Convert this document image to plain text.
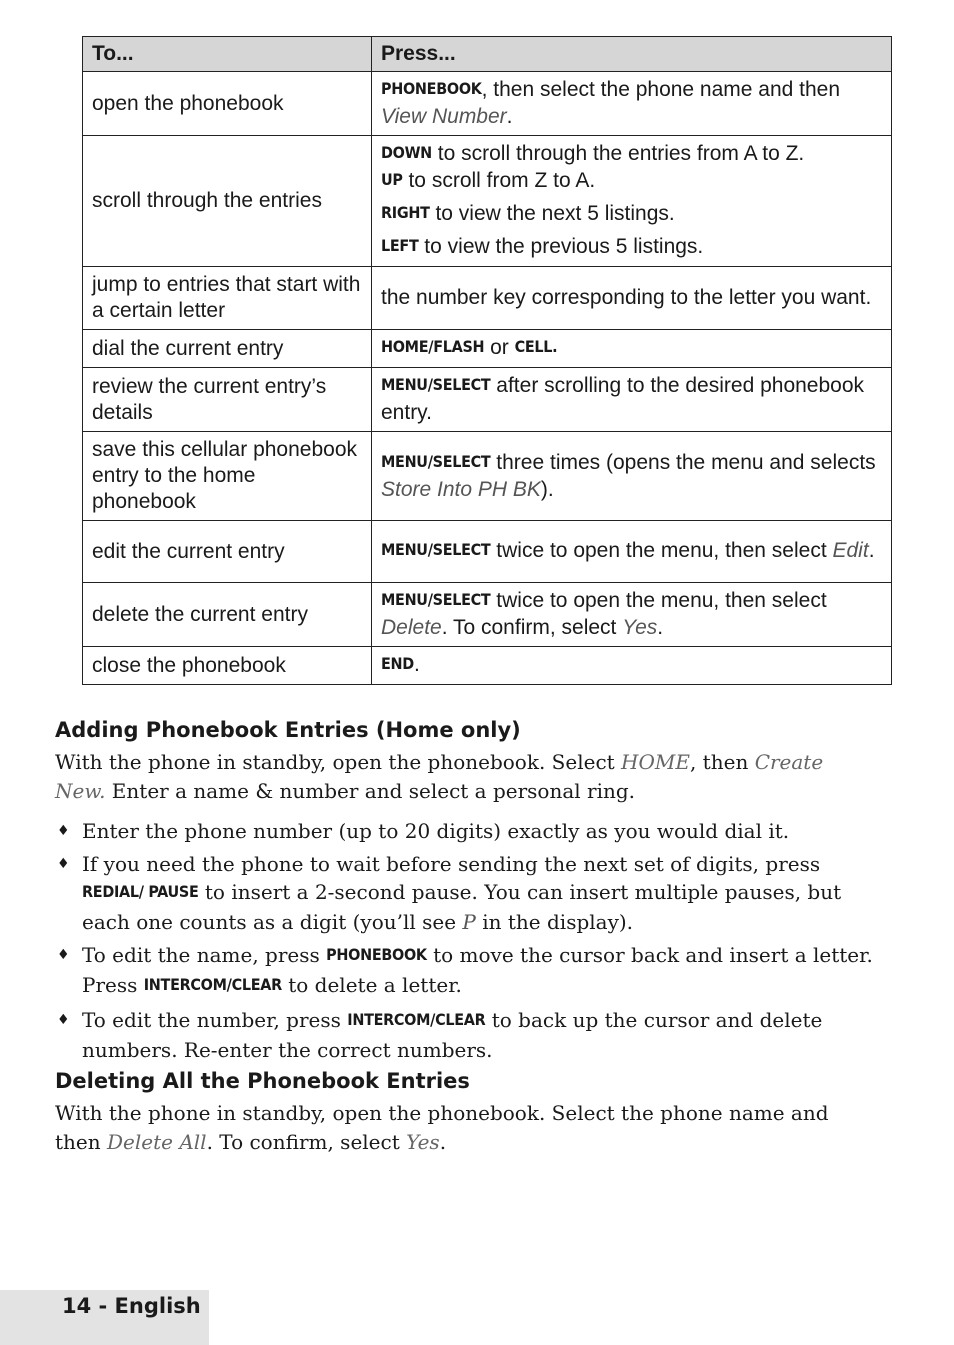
To...	Press...
open the phonebook	PHONEBOOK, then select the phone name and then View Number.
scroll through the entries	DOWN to scroll through the entries from A to Z.
UP to scroll from Z to A.
RIGHT to view the next 5 listings.
LEFT to view the previous 5 listings.

jump to entries that start with a certain letter	the number key corresponding to the letter you want.
dial the current entry	HOME/FLASH or CELL.
review the current entry’s details	MENU/SELECT after scrolling to the desired phonebook entry.
save this cellular phonebook entry to the home phonebook	MENU/SELECT three times (opens the menu and selects Store Into PH BK).
edit the current entry	MENU/SELECT twice to open the menu, then select Edit.
delete the current entry	MENU/SELECT twice to open the menu, then select Delete. To confirm, select Yes.
close the phonebook	END.
Adding Phonebook Entries (Home only)

With the phone in standby, open the phonebook. Select HOME, then Create New. Enter a name & number and select a personal ring.

♦ Enter the phone number (up to 20 digits) exactly as you would dial it.
♦ If you need the phone to wait before sending the next set of digits, press REDIAL/ PAUSE to insert a 2-second pause. You can insert multiple pauses, but each one counts as a digit (you’ll see P in the display).
♦ To edit the name, press PHONEBOOK to move the cursor back and insert a letter. Press INTERCOM/CLEAR to delete a letter.
♦ To edit the number, press INTERCOM/CLEAR to back up the cursor and delete numbers. Re-enter the correct numbers.
Deleting All the Phonebook Entries

With the phone in standby, open the phonebook. Select the phone name and then Delete All. To confirm, select Yes.

14 - English
